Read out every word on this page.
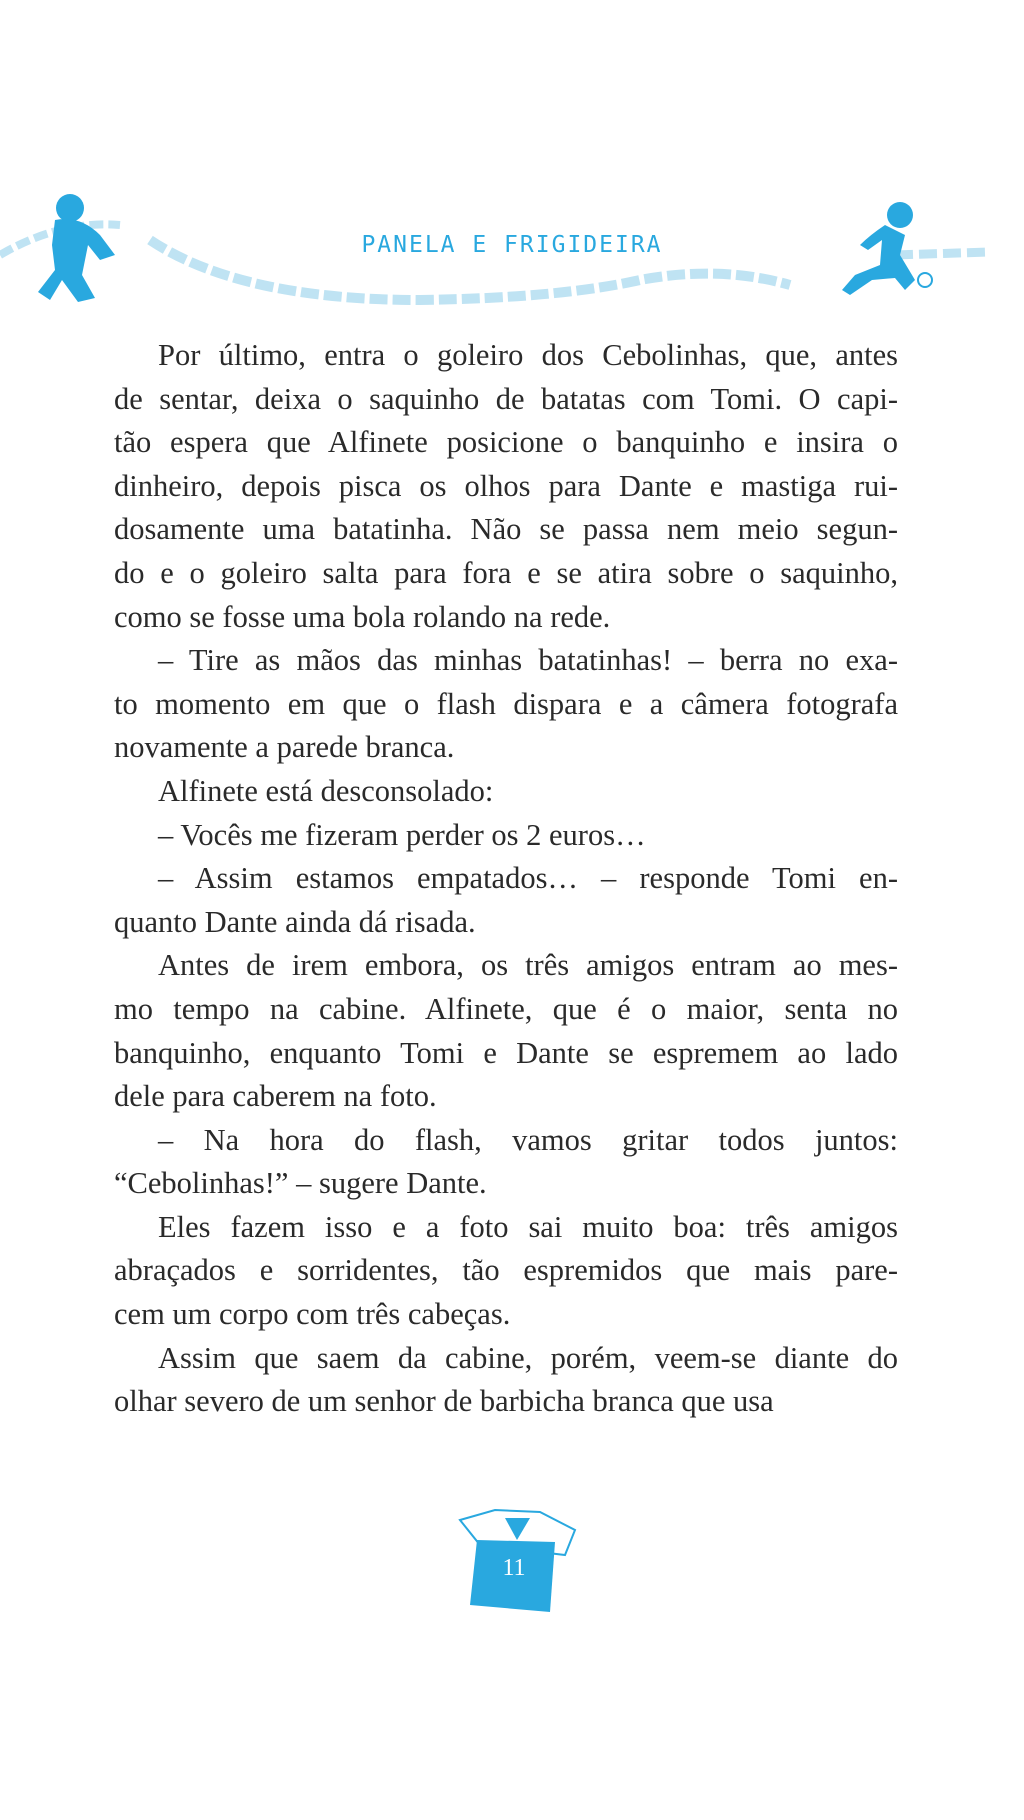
PANELA E FRIGIDEIRA
Por último, entra o goleiro dos Cebolinhas, que, antes
de sentar, deixa o saquinho de batatas com Tomi. O capi-
tão espera que Alfinete posicione o banquinho e insira o
dinheiro, depois pisca os olhos para Dante e mastiga rui-
dosamente uma batatinha. Não se passa nem meio segun-
do e o goleiro salta para fora e se atira sobre o saquinho,
como se fosse uma bola rolando na rede.
– Tire as mãos das minhas batatinhas! – berra no exa-
to momento em que o flash dispara e a câmera fotografa
novamente a parede branca.
Alfinete está desconsolado:
– Vocês me fizeram perder os 2 euros…
– Assim estamos empatados… – responde Tomi en-
quanto Dante ainda dá risada.
Antes de irem embora, os três amigos entram ao mes-
mo tempo na cabine. Alfinete, que é o maior, senta no
banquinho, enquanto Tomi e Dante se espremem ao lado
dele para caberem na foto.
– Na hora do flash, vamos gritar todos juntos:
“Cebolinhas!” – sugere Dante.
Eles fazem isso e a foto sai muito boa: três amigos
abraçados e sorridentes, tão espremidos que mais pare-
cem um corpo com três cabeças.
Assim que saem da cabine, porém, veem-se diante do
olhar severo de um senhor de barbicha branca que usa
11
